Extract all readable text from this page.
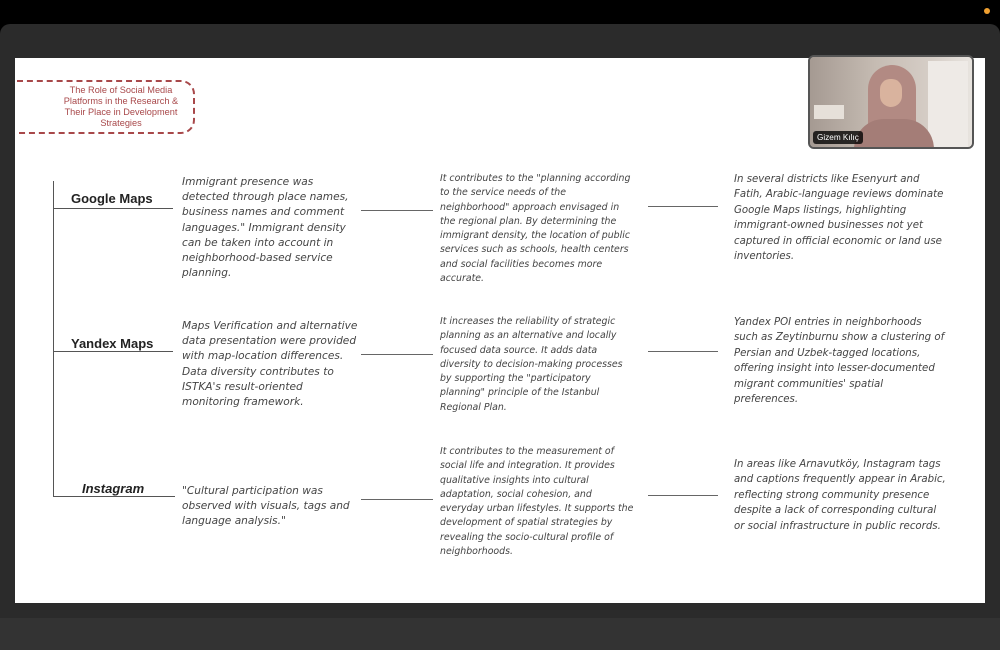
The Role of Social Media Platforms in the Research & Their Place in Development Strategies
Google Maps
Immigrant presence was detected through place names, business names and comment languages." Immigrant density can be taken into account in neighborhood-based service planning.
It contributes to the "planning according to the service needs of the neighborhood" approach envisaged in the regional plan. By determining the immigrant density, the location of public services such as schools, health centers and social facilities becomes more accurate.
In several districts like Esenyurt and Fatih, Arabic-language reviews dominate Google Maps listings, highlighting immigrant-owned businesses not yet captured in official economic or land use inventories.
Yandex Maps
Maps Verification and alternative data presentation were provided with map-location differences. Data diversity contributes to ISTKA's result-oriented monitoring framework.
It increases the reliability of strategic planning as an alternative and locally focused data source. It adds data diversity to decision-making processes by supporting the "participatory planning" principle of the Istanbul Regional Plan.
Yandex POI entries in neighborhoods such as Zeytinburnu show a clustering of Persian and Uzbek-tagged locations, offering insight into lesser-documented migrant communities' spatial preferences.
Instagram	"Cultural participation was observed with visuals, tags and language analysis."
It contributes to the measurement of social life and integration. It provides qualitative insights into cultural adaptation, social cohesion, and everyday urban lifestyles. It supports the development of spatial strategies by revealing the socio-cultural profile of neighborhoods.
In areas like Arnavutköy, Instagram tags and captions frequently appear in Arabic, reflecting strong community presence despite a lack of corresponding cultural or social infrastructure in public records.
Gizem Kılıç
